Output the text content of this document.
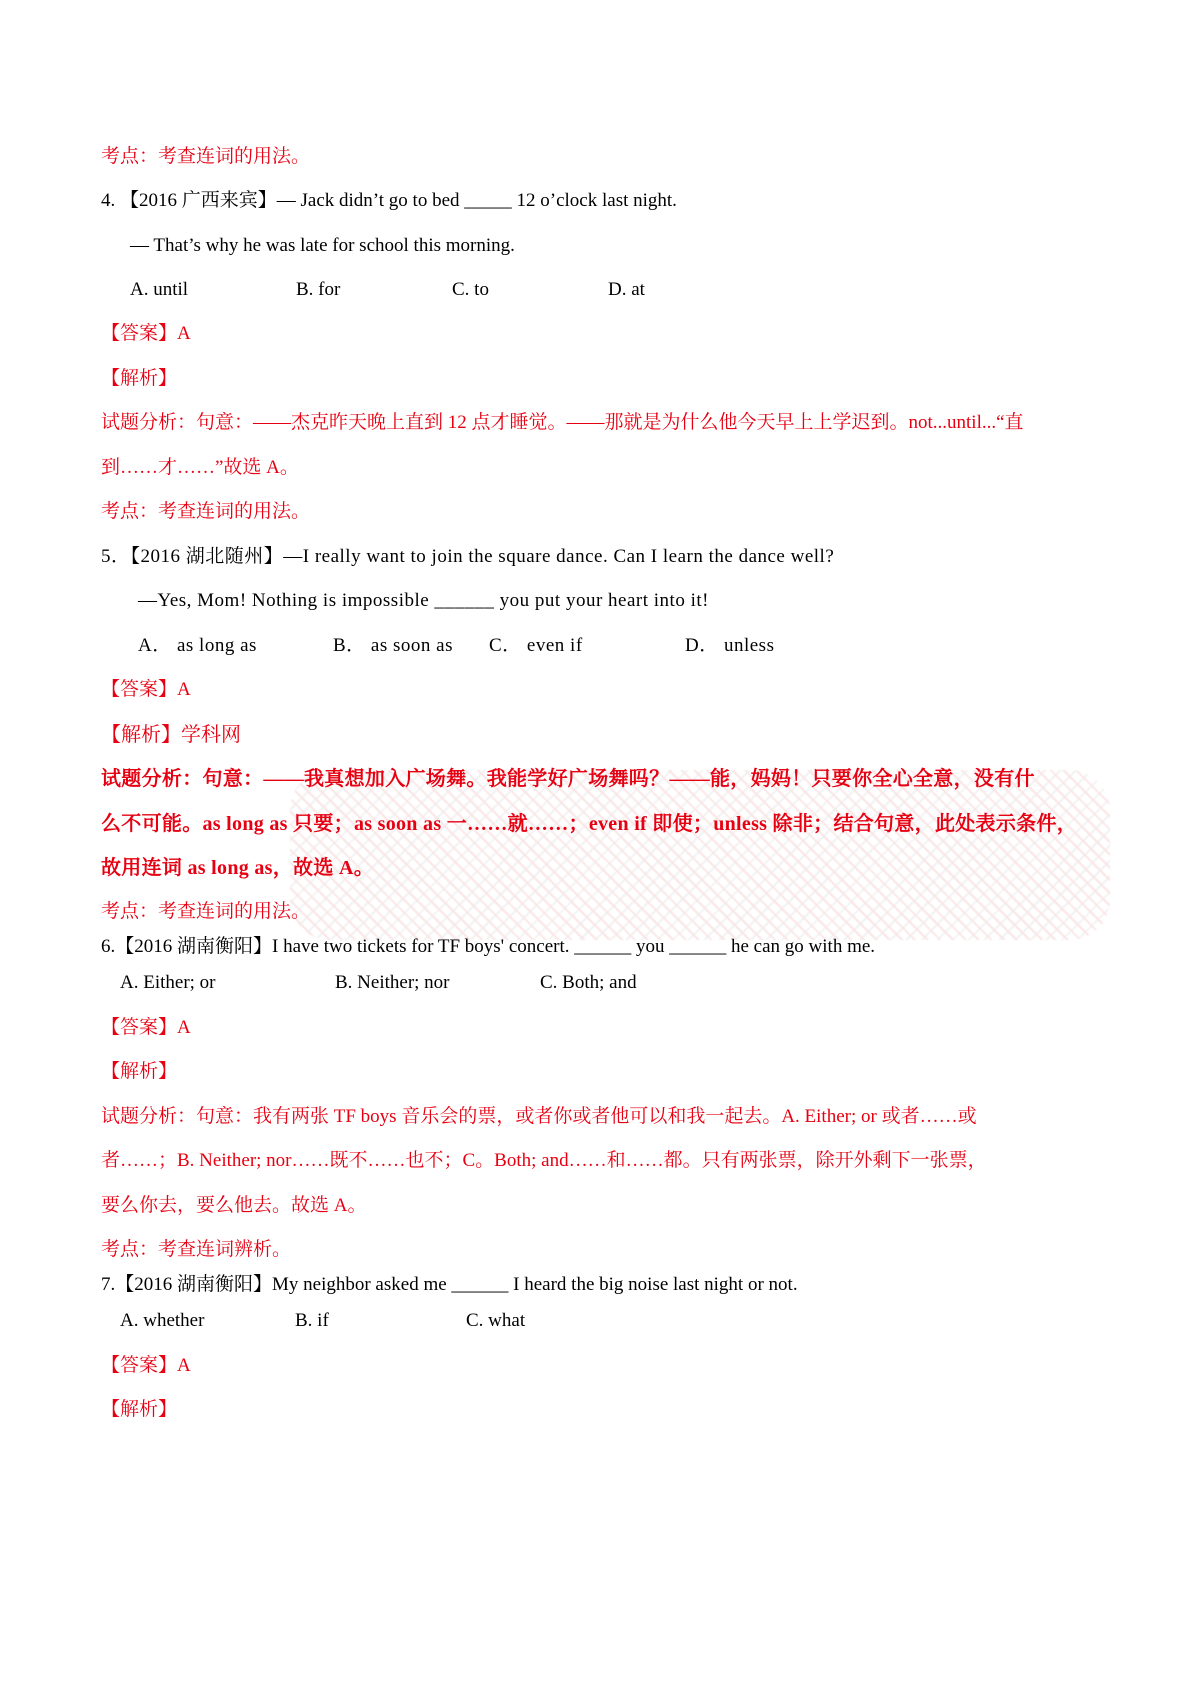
考点：考查连词的用法。
4. 【2016 广西来宾】— Jack didn’t go to bed _____ 12 o’clock last night.
— That’s why he was late for school this morning.
A. until	B. for	C. to	D. at
【答案】A
【解析】
试题分析：句意：——杰克昨天晚上直到 12 点才睡觉。——那就是为什么他今天早上上学迟到。not...until...“直
到……才……”故选 A。
考点：考查连词的用法。
5．【2016 湖北随州】—I really want to join the square dance. Can I learn the dance well?
—Yes, Mom! Nothing is impossible ______ you put your heart into it!
A． as long as	B． as soon as C． even if	D． unless
【答案】A
【解析】学科网
试题分析：句意：——我真想加入广场舞。我能学好广场舞吗？——能，妈妈！只要你全心全意，没有什
么不可能。as long as 只要；as soon as 一……就……；even if 即使；unless 除非；结合句意，此处表示条件，
故用连词 as long as，故选 A。
考点：考查连词的用法。
6.【2016 湖南衡阳】I have two tickets for TF boys' concert. ______ you ______ he can go with me.
A. Either; or	B. Neither; nor	C. Both; and
【答案】A
【解析】
试题分析：句意：我有两张 TF boys 音乐会的票，或者你或者他可以和我一起去。A. Either; or 或者……或
者……；B. Neither; nor……既不……也不；C。Both; and……和……都。只有两张票，除开外剩下一张票，
要么你去，要么他去。故选 A。
考点：考查连词辨析。
7.【2016 湖南衡阳】My neighbor asked me ______ I heard the big noise last night or not.
A. whether	B. if	C. what
【答案】A
【解析】
